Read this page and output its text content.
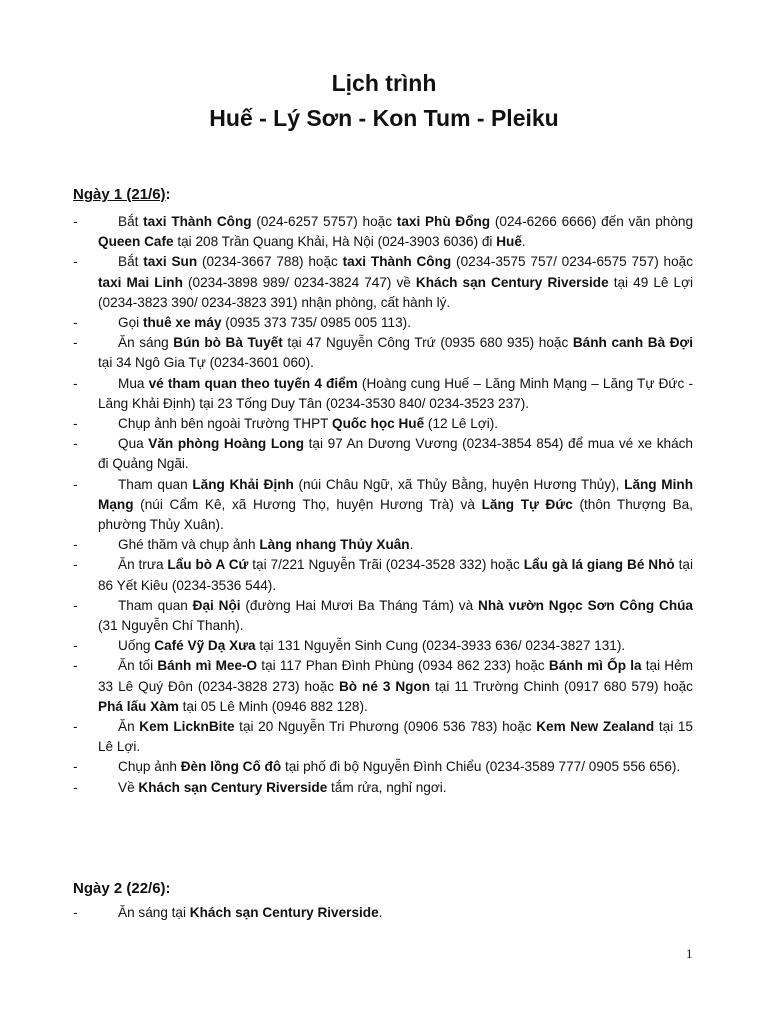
Lịch trình
Huế - Lý Sơn - Kon Tum - Pleiku
Ngày 1 (21/6):
-	Bắt taxi Thành Công (024-6257 5757) hoặc taxi Phù Đổng (024-6266 6666) đến văn phòng Queen Cafe tại 208 Trần Quang Khải, Hà Nội (024-3903 6036) đi Huế.
-	Bắt taxi Sun (0234-3667 788) hoặc taxi Thành Công (0234-3575 757/ 0234-6575 757) hoặc taxi Mai Linh (0234-3898 989/ 0234-3824 747) về Khách sạn Century Riverside tại 49 Lê Lợi (0234-3823 390/ 0234-3823 391) nhận phòng, cất hành lý.
-	Gọi thuê xe máy (0935 373 735/ 0985 005 113).
-	Ăn sáng Bún bò Bà Tuyết tại 47 Nguyễn Công Trứ (0935 680 935) hoặc Bánh canh Bà Đợi tại 34 Ngô Gia Tự (0234-3601 060).
-	Mua vé tham quan theo tuyến 4 điểm (Hoàng cung Huế – Lăng Minh Mạng – Lăng Tự Đức - Lăng Khải Định) tại 23 Tống Duy Tân (0234-3530 840/ 0234-3523 237).
-	Chụp ảnh bên ngoài Trường THPT Quốc học Huế (12 Lê Lợi).
-	Qua Văn phòng Hoàng Long tại 97 An Dương Vương (0234-3854 854) để mua vé xe khách đi Quảng Ngãi.
-	Tham quan Lăng Khải Định (núi Châu Ngữ, xã Thủy Bằng, huyện Hương Thủy), Lăng Minh Mạng (núi Cẩm Kê, xã Hương Thọ, huyện Hương Trà) và Lăng Tự Đức (thôn Thượng Ba, phường Thủy Xuân).
-	Ghé thăm và chụp ảnh Làng nhang Thủy Xuân.
-	Ăn trưa Lẩu bò A Cứ tại 7/221 Nguyễn Trãi (0234-3528 332) hoặc Lẩu gà lá giang Bé Nhỏ tại 86 Yết Kiêu (0234-3536 544).
-	Tham quan Đại Nội (đường Hai Mươi Ba Tháng Tám) và Nhà vườn Ngọc Sơn Công Chúa (31 Nguyễn Chí Thanh).
-	Uống Café Vỹ Dạ Xưa tại 131 Nguyễn Sinh Cung (0234-3933 636/ 0234-3827 131).
-	Ăn tối Bánh mì Mee-O tại 117 Phan Đình Phùng (0934 862 233) hoặc Bánh mì Ốp la tại Hẻm 33 Lê Quý Đôn (0234-3828 273) hoặc Bò né 3 Ngon tại 11 Trường Chinh (0917 680 579) hoặc Phá lấu Xàm tại 05 Lê Minh (0946 882 128).
-	Ăn Kem LicknBite tại 20 Nguyễn Tri Phương (0906 536 783) hoặc Kem New Zealand tại 15 Lê Lợi.
-	Chụp ảnh Đèn lồng Cố đô tại phố đi bộ Nguyễn Đình Chiểu (0234-3589 777/ 0905 556 656).
-	Về Khách sạn Century Riverside tắm rửa, nghỉ ngơi.
Ngày 2 (22/6):
-	Ăn sáng tại Khách sạn Century Riverside.
1
